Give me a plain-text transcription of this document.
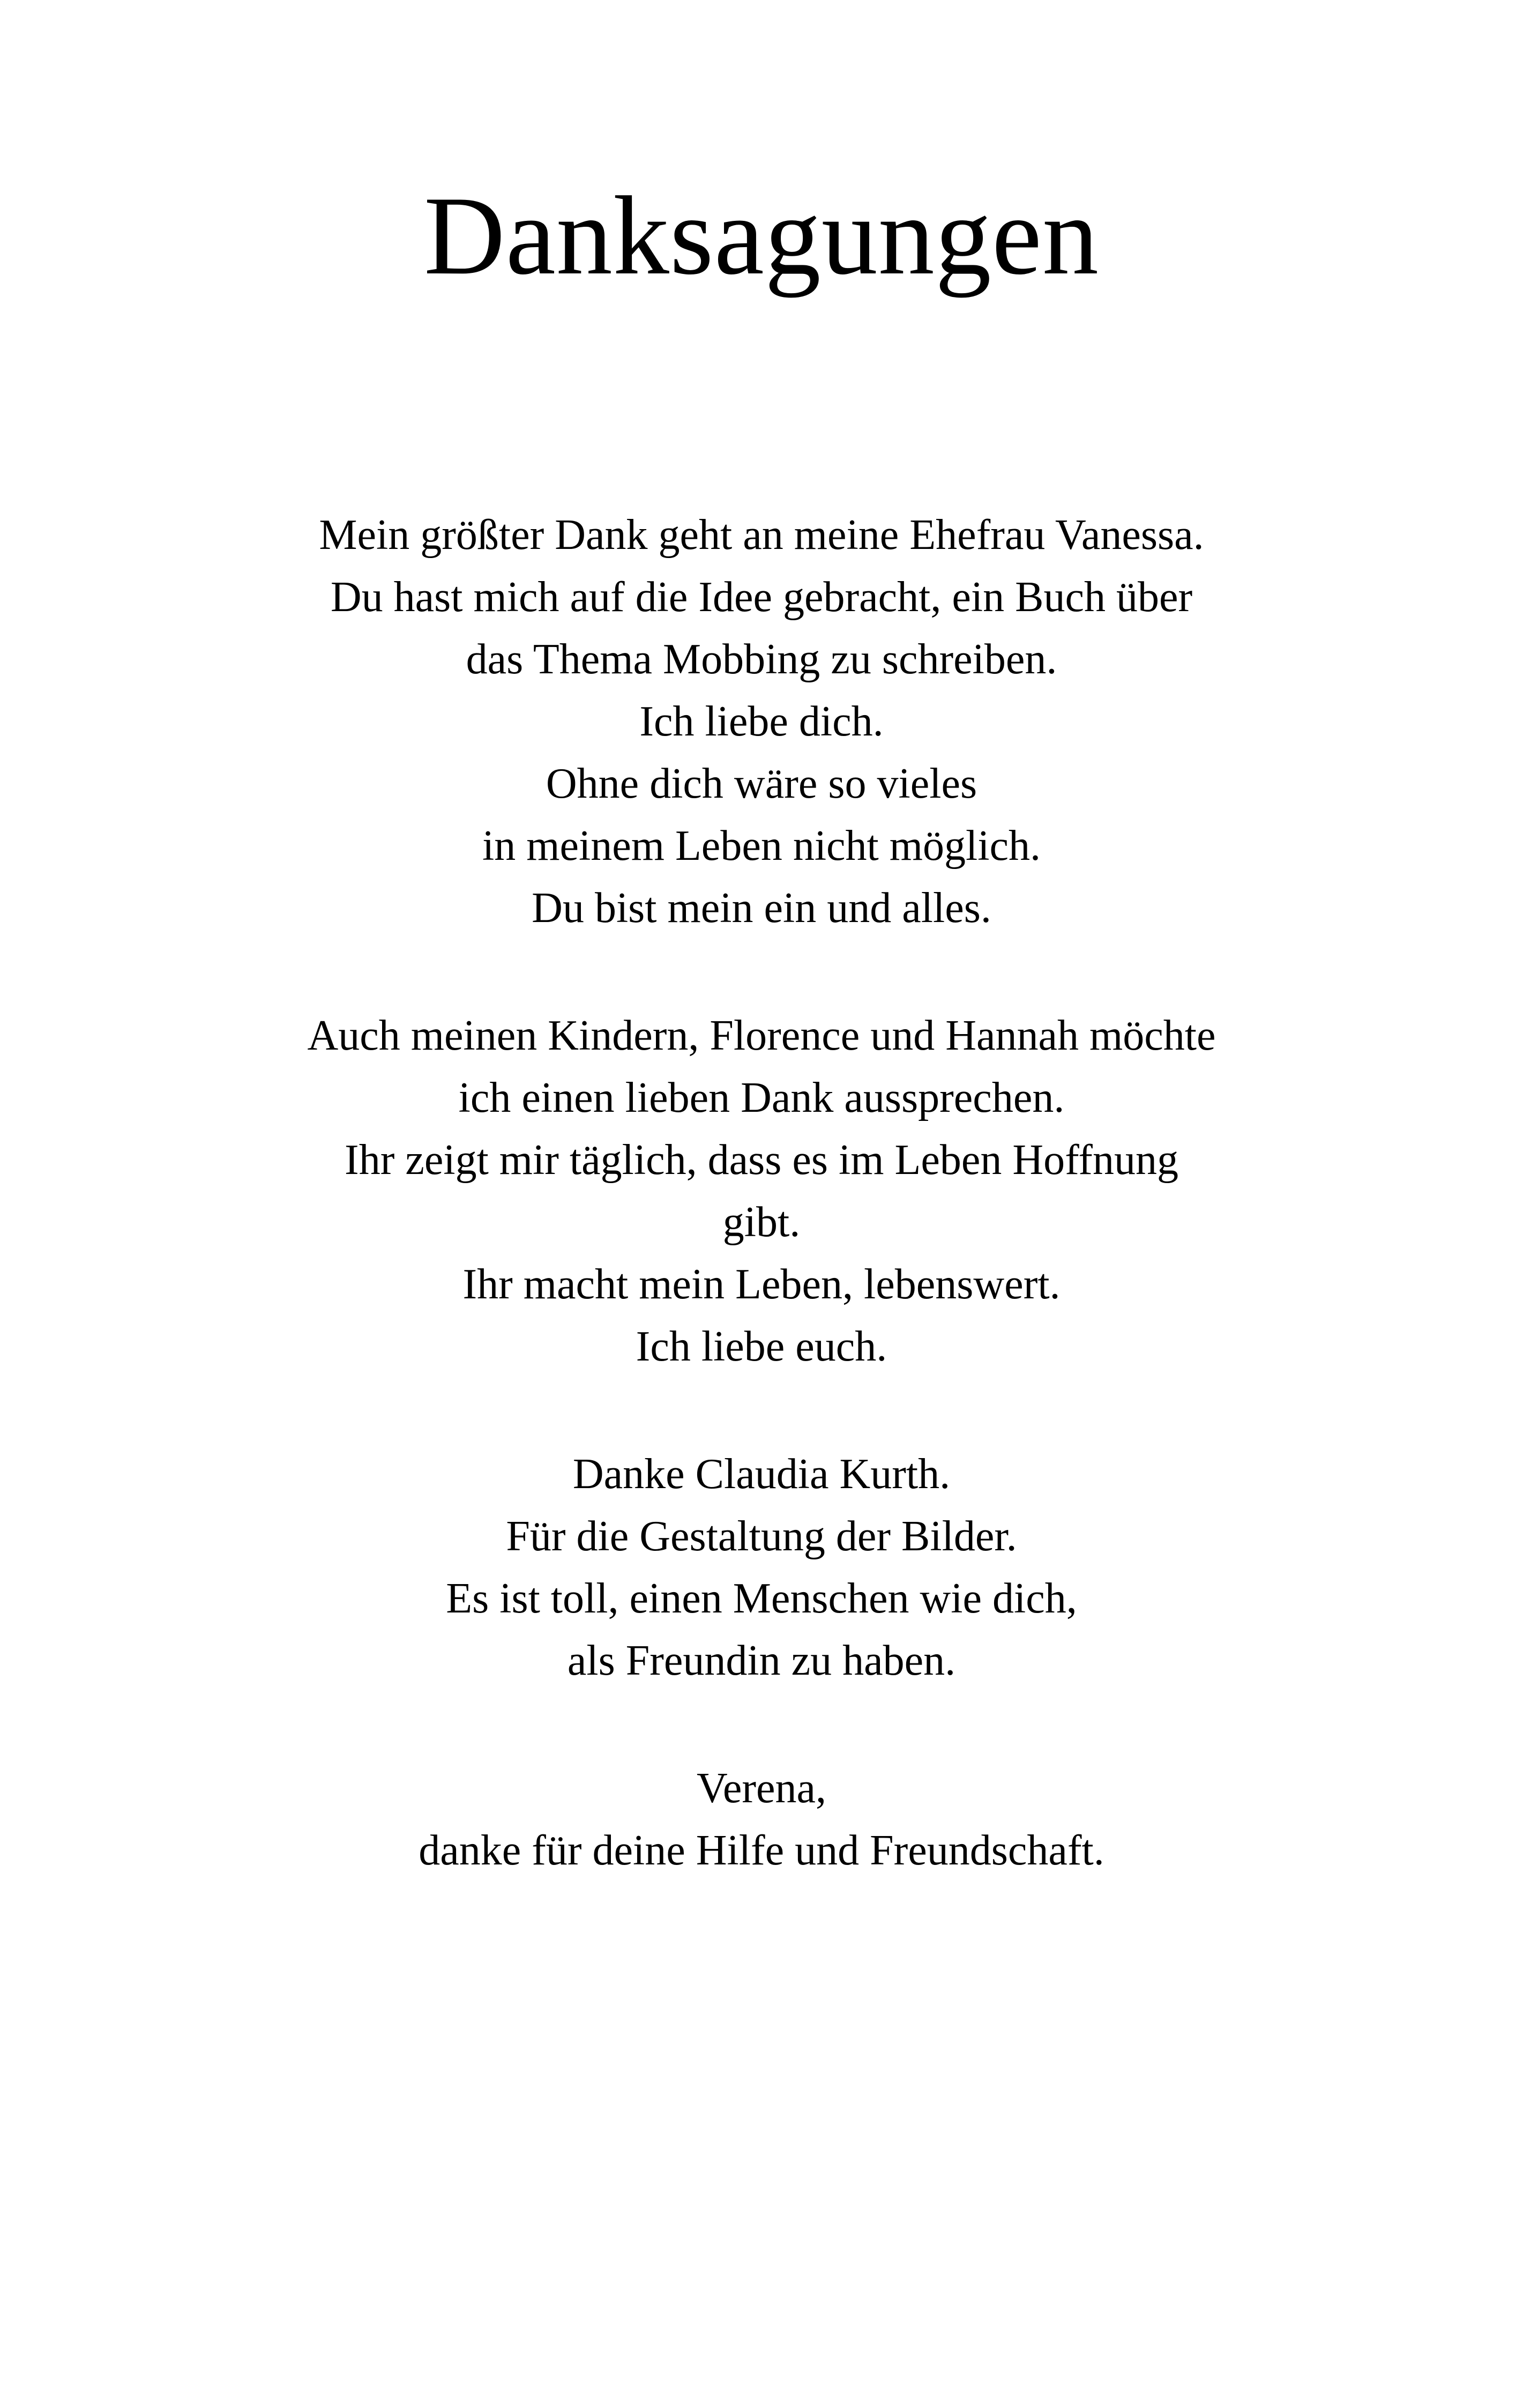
Danksagungen

Mein größter Dank geht an meine Ehefrau Vanessa.
Du hast mich auf die Idee gebracht, ein Buch über
das Thema Mobbing zu schreiben.
Ich liebe dich.
Ohne dich wäre so vieles
in meinem Leben nicht möglich.
Du bist mein ein und alles.

Auch meinen Kindern, Florence und Hannah möchte
ich einen lieben Dank aussprechen.
Ihr zeigt mir täglich, dass es im Leben Hoffnung
gibt.
Ihr macht mein Leben, lebenswert.
Ich liebe euch.

Danke Claudia Kurth.
Für die Gestaltung der Bilder.
Es ist toll, einen Menschen wie dich,
als Freundin zu haben.

Verena,
danke für deine Hilfe und Freundschaft.
